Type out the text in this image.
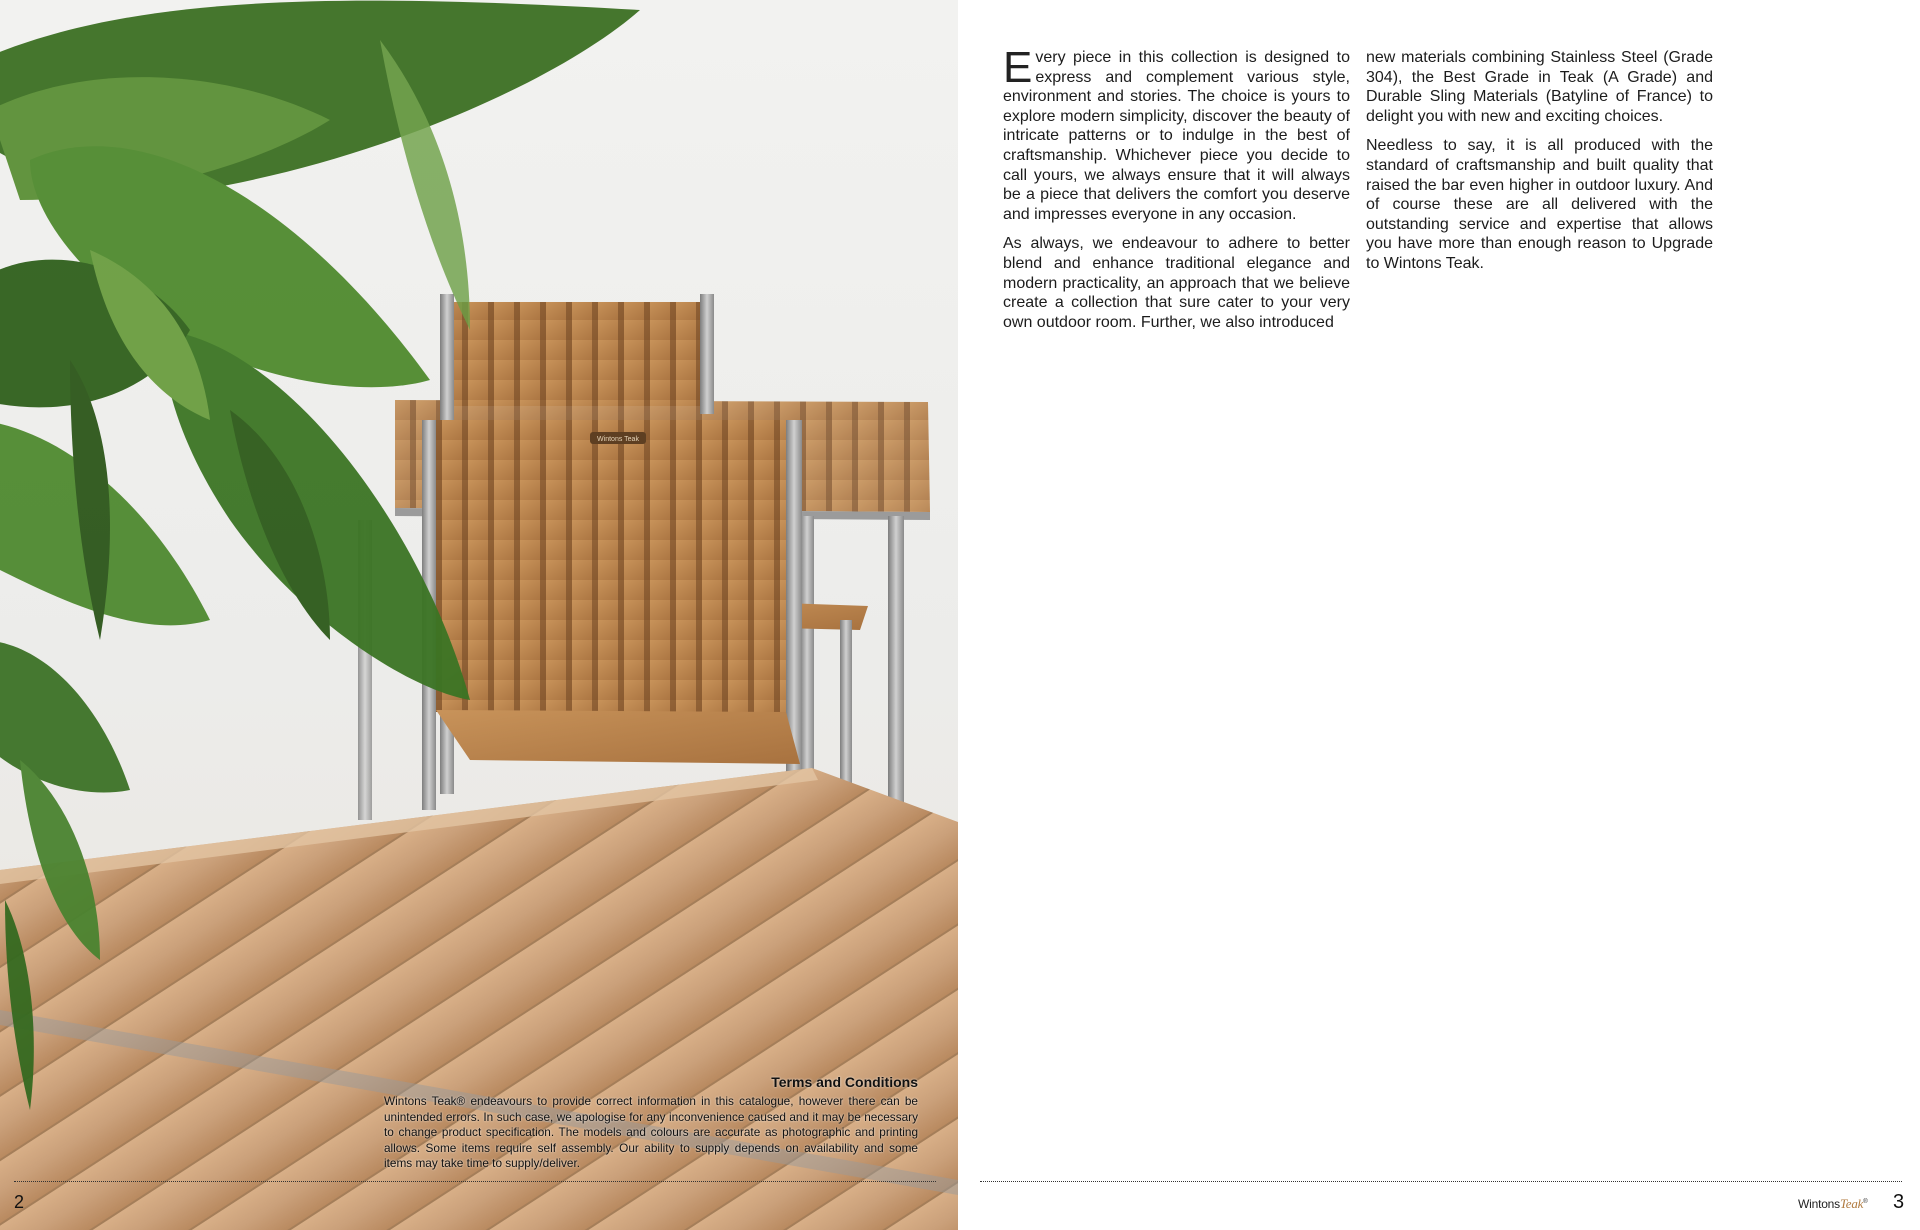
Wintons Teak
Terms and Conditions
Wintons Teak® endeavours to provide correct information in this catalogue, however there can be unintended errors. In such case, we apologise for any inconvenience caused and it may be necessary to change product specification. The models and colours are accurate as photographic and printing allows. Some items require self assembly. Our ability to supply depends on availability and some items may take time to supply/deliver.
2

Every piece in this collection is designed to express and complement various style, environment and stories. The choice is yours to explore modern simplicity, discover the beauty of intricate patterns or to indulge in the best of craftsmanship. Whichever piece you decide to call yours, we always ensure that it will always be a piece that delivers the comfort you deserve and impresses everyone in any occasion.

As always, we endeavour to adhere to better blend and enhance traditional elegance and modern practicality, an approach that we believe create a collection that sure cater to your very own outdoor room. Further, we also introduced

new materials combining Stainless Steel (Grade 304), the Best Grade in Teak (A Grade) and Durable Sling Materials (Batyline of France) to delight you with new and exciting choices.

Needless to say, it is all produced with the standard of craftsmanship and built quality that raised the bar even higher in outdoor luxury. And of course these are all delivered with the outstanding service and expertise that allows you have more than enough reason to Upgrade to Wintons Teak.

WintonsTeak® 3
